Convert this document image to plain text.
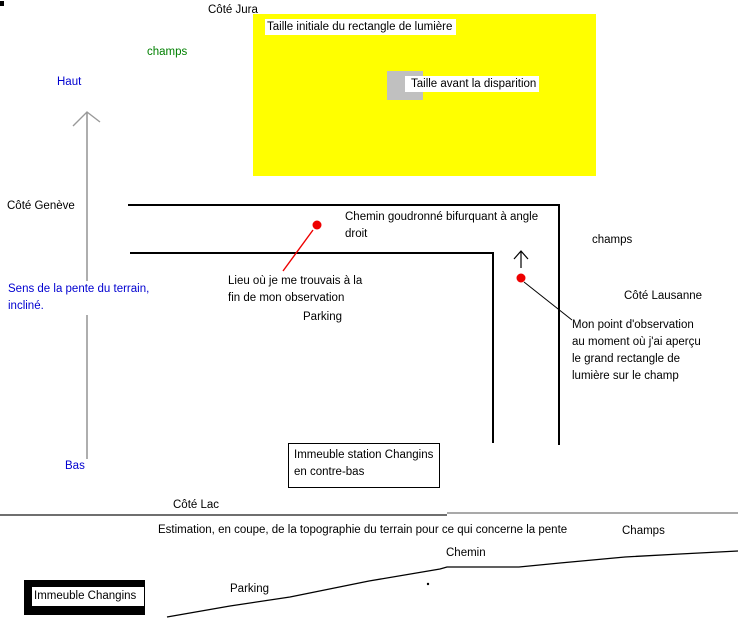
Côté Jura
champs
Haut
Taille initiale du rectangle de lumière
Taille avant la disparition
Côté Genève
Chemin goudronné bifurquant à angle
droit
Lieu où je me trouvais à la
fin de mon observation
Sens de la pente du terrain,
incliné.
Parking
champs
Côté Lausanne
Mon point d'observation
au moment où j'ai aperçu
le grand rectangle de
lumière sur le champ
Bas
Immeuble station Changins
en contre-bas
Côté Lac
Estimation, en coupe, de la topographie du terrain pour ce qui concerne la pente	Champs
Chemin
Parking
Immeuble Changins
